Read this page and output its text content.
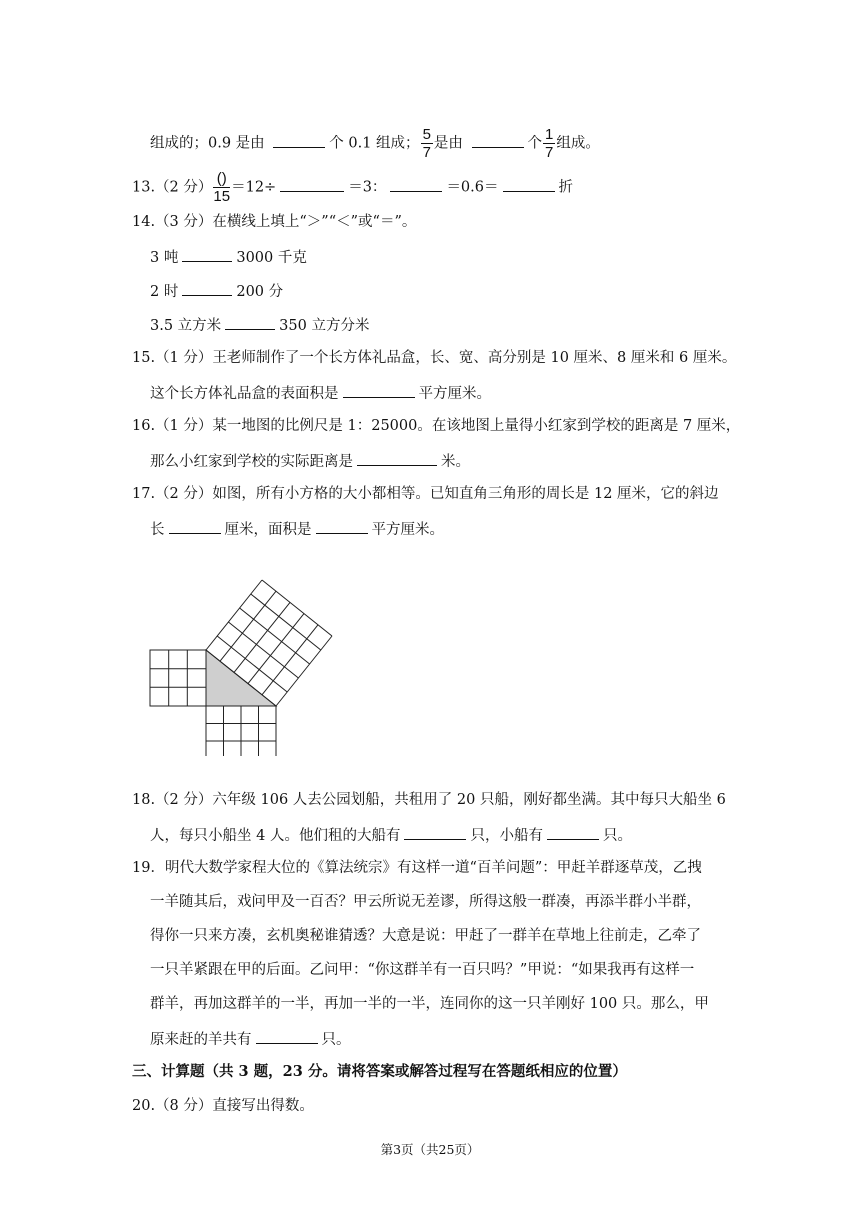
组成的；0.9 是由	个 0.1 组成； $\frac{5}{7}$ 是由	个 $\frac{1}{7}$ 组成。
13.（2 分） $\frac{()}{15} =12\div$	＝3：	＝0.6＝	折
14.（3 分）在横线上填上“＞”“＜”或“＝”。
3 吨	3000 千克
2 时	200 分
3.5 立方米	350 立方分米
15.（1 分）王老师制作了一个长方体礼品盒，长、宽、高分别是 10 厘米、8 厘米和 6 厘米。
这个长方体礼品盒的表面积是	平方厘米。
16.（1 分）某一地图的比例尺是 1：25000。在该地图上量得小红家到学校的距离是 7 厘米，
那么小红家到学校的实际距离是	米。
17.（2 分）如图，所有小方格的大小都相等。已知直角三角形的周长是 12 厘米，它的斜边
长	厘米，面积是	平方厘米。
18.（2 分）六年级 106 人去公园划船，共租用了 20 只船，刚好都坐满。其中每只大船坐 6
人，每只小船坐 4 人。他们租的大船有	只，小船有	只。
19．明代大数学家程大位的《算法统宗》有这样一道“百羊问题”：甲赶羊群逐草茂，乙拽
一羊随其后，戏问甲及一百否？甲云所说无差谬，所得这般一群凑，再添半群小半群，
得你一只来方凑，玄机奥秘谁猜透？大意是说：甲赶了一群羊在草地上往前走，乙牵了
一只羊紧跟在甲的后面。乙问甲：“你这群羊有一百只吗？”甲说：“如果我再有这样一
群羊，再加这群羊的一半，再加一半的一半，连同你的这一只羊刚好 100 只。那么，甲
原来赶的羊共有	只。
三、计算题（共 3 题，23 分。请将答案或解答过程写在答题纸相应的位置）
20.（8 分）直接写出得数。
第3页（共25页）
